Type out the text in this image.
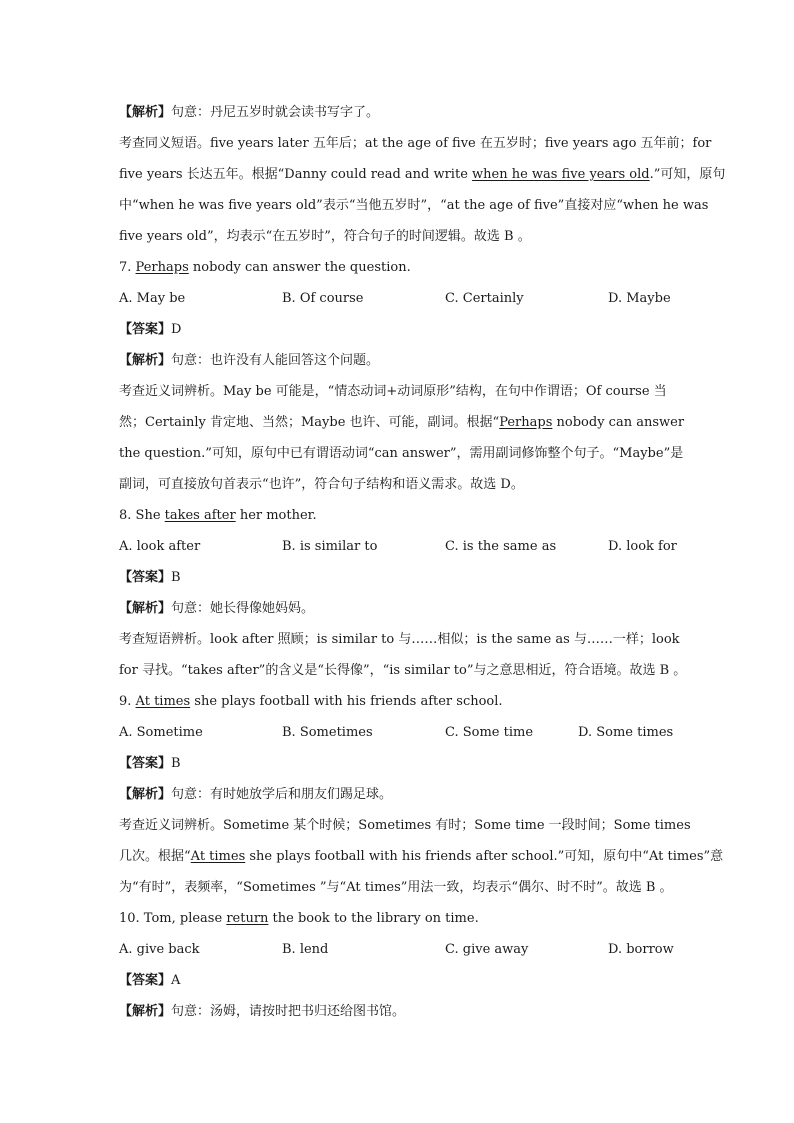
【解析】句意：丹尼五岁时就会读书写字了。
考查同义短语。five years later 五年后；at the age of five 在五岁时；five years ago 五年前；for
five years 长达五年。根据“Danny could read and write when he was five years old.”可知，原句
中“when he was five years old”表示“当他五岁时”，“at the age of five”直接对应“when he was
five years old”，均表示“在五岁时”，符合句子的时间逻辑。故选 B 。
7. Perhaps nobody can answer the question.
A. May be	B. Of course	C. Certainly	D. Maybe
【答案】D
【解析】句意：也许没有人能回答这个问题。
考查近义词辨析。May be 可能是，“情态动词+动词原形”结构，在句中作谓语；Of course 当
然；Certainly 肯定地、当然；Maybe 也许、可能，副词。根据“Perhaps nobody can answer
the question.”可知，原句中已有谓语动词“can answer”，需用副词修饰整个句子。“Maybe”是
副词，可直接放句首表示“也许”，符合句子结构和语义需求。故选 D。
8. She takes after her mother.
A. look after	B. is similar to	C. is the same as	D. look for
【答案】B
【解析】句意：她长得像她妈妈。
考查短语辨析。look after 照顾；is similar to 与……相似；is the same as 与……一样；look
for 寻找。“takes after”的含义是“长得像”，“is similar to”与之意思相近，符合语境。故选 B 。
9. At times she plays football with his friends after school.
A. Sometime	B. Sometimes	C. Some time	D. Some times
【答案】B
【解析】句意：有时她放学后和朋友们踢足球。
考查近义词辨析。Sometime 某个时候；Sometimes 有时；Some time 一段时间；Some times
几次。根据“At times she plays football with his friends after school.”可知，原句中“At times”意
为“有时”，表频率，“Sometimes ”与“At times”用法一致，均表示“偶尔、时不时”。故选 B 。
10. Tom, please return the book to the library on time.
A. give back	B. lend	C. give away	D. borrow
【答案】A
【解析】句意：汤姆，请按时把书归还给图书馆。
